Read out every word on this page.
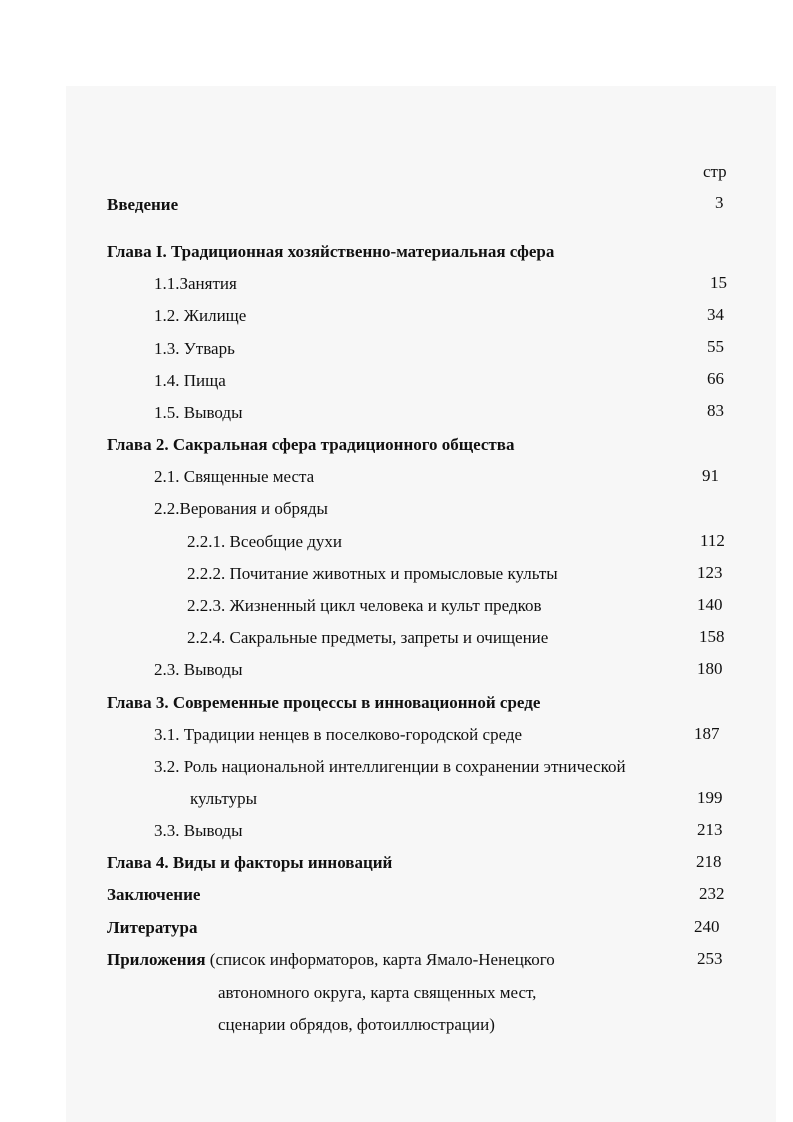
стр
Введение	3
Глава I. Традиционная хозяйственно-материальная сфера
1.1.Занятия	15
1.2. Жилище	34
1.3. Утварь	55
1.4. Пища	66
1.5. Выводы	83
Глава 2. Сакральная сфера традиционного общества
2.1. Священные места	91
2.2.Верования и обряды
2.2.1. Всеобщие духи	112
2.2.2. Почитание животных и промысловые культы	123
2.2.3. Жизненный цикл человека и культ предков	140
2.2.4. Сакральные предметы, запреты и очищение	158
2.3. Выводы	180
Глава 3. Современные процессы в инновационной среде
3.1. Традиции ненцев в поселково-городской среде	187
3.2. Роль национальной интеллигенции в сохранении этнической
культуры	199
3.3. Выводы	213
Глава 4. Виды и факторы инноваций	218
Заключение	232
Литература	240
Приложения (список информаторов, карта Ямало-Ненецкого	253
автономного округа, карта священных мест,
сценарии обрядов, фотоиллюстрации)
